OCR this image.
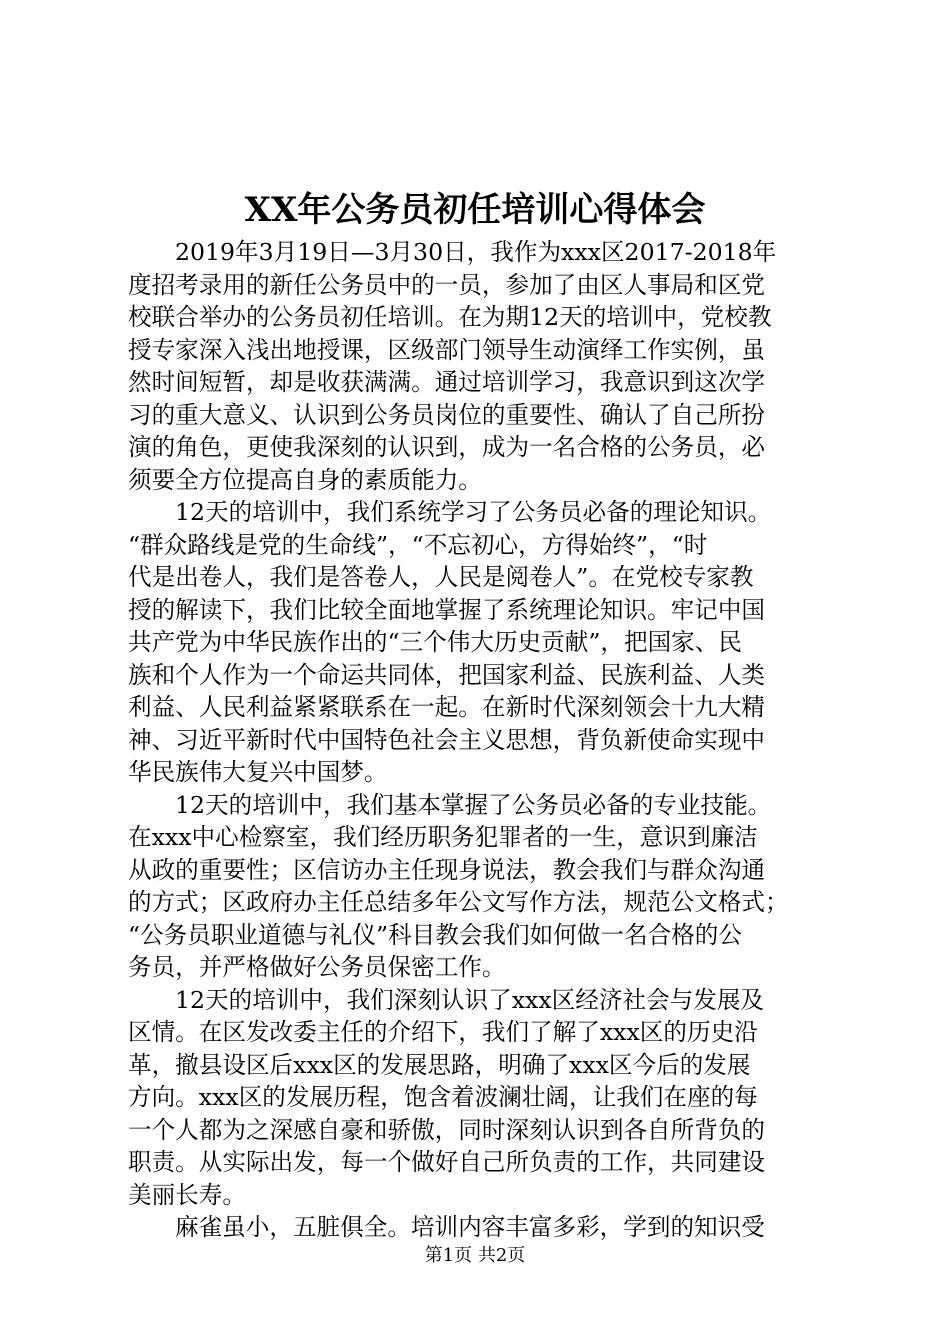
XX年公务员初任培训心得体会
2019年3月19日—3月30日，我作为xxx区2017-2018年
度招考录用的新任公务员中的一员，参加了由区人事局和区党
校联合举办的公务员初任培训。在为期12天的培训中，党校教
授专家深入浅出地授课，区级部门领导生动演绎工作实例，虽
然时间短暂，却是收获满满。通过培训学习，我意识到这次学
习的重大意义、认识到公务员岗位的重要性、确认了自己所扮
演的角色，更使我深刻的认识到，成为一名合格的公务员，必
须要全方位提高自身的素质能力。
12天的培训中，我们系统学习了公务员必备的理论知识。
“群众路线是党的生命线”，“不忘初心，方得始终”，“时
代是出卷人，我们是答卷人，人民是阅卷人”。在党校专家教
授的解读下，我们比较全面地掌握了系统理论知识。牢记中国
共产党为中华民族作出的“三个伟大历史贡献”，把国家、民
族和个人作为一个命运共同体，把国家利益、民族利益、人类
利益、人民利益紧紧联系在一起。在新时代深刻领会十九大精
神、习近平新时代中国特色社会主义思想，背负新使命实现中
华民族伟大复兴中国梦。
12天的培训中，我们基本掌握了公务员必备的专业技能。
在xxx中心检察室，我们经历职务犯罪者的一生，意识到廉洁
从政的重要性；区信访办主任现身说法，教会我们与群众沟通
的方式；区政府办主任总结多年公文写作方法，规范公文格式；
“公务员职业道德与礼仪”科目教会我们如何做一名合格的公
务员，并严格做好公务员保密工作。
12天的培训中，我们深刻认识了xxx区经济社会与发展及
区情。在区发改委主任的介绍下，我们了解了xxx区的历史沿
革，撤县设区后xxx区的发展思路，明确了xxx区今后的发展
方向。xxx区的发展历程，饱含着波澜壮阔，让我们在座的每
一个人都为之深感自豪和骄傲，同时深刻认识到各自所背负的
职责。从实际出发，每一个做好自己所负责的工作，共同建设
美丽长寿。
麻雀虽小，五脏俱全。培训内容丰富多彩，学到的知识受
第1页 共2页
